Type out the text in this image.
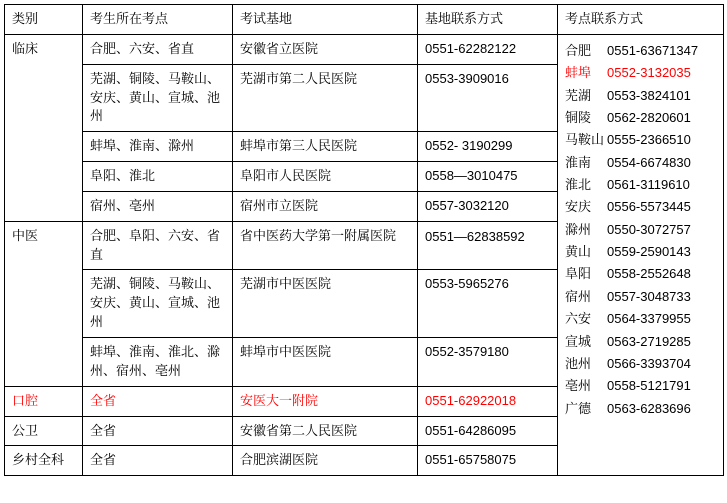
类别	考生所在考点	考试基地	基地联系方式	考点联系方式
临床	合肥、六安、省直	安徽省立医院	0551-62282122	合肥 0551-63671347
蚌埠 0552-3132035
芜湖 0553-3824101
铜陵 0562-2820601
马鞍山 0555-2366510
淮南 0554-6674830
淮北 0561-3119610
安庆 0556-5573445
滁州 0550-3072757
黄山 0559-2590143
阜阳 0558-2552648
宿州 0557-3048733
六安 0564-3379955
宣城 0563-2719285
池州 0566-3393704
亳州 0558-5121791
广德 0563-6283696

	芜湖、铜陵、马鞍山、安庆、黄山、宣城、池州	芜湖市第二人民医院	0553-3909016	
	蚌埠、淮南、滁州	蚌埠市第三人民医院	0552- 3190299	
	阜阳、淮北	阜阳市人民医院	0558—3010475	
	宿州、亳州	宿州市立医院	0557-3032120	
中医	合肥、阜阳、六安、省直	省中医药大学第一附属医院	0551—62838592	
	芜湖、铜陵、马鞍山、安庆、黄山、宣城、池州	芜湖市中医医院	0553-5965276	
	蚌埠、淮南、淮北、滁州、宿州、亳州	蚌埠市中医医院	0552-3579180	
口腔	全省	安医大一附院	0551-62922018	
公卫	全省	安徽省第二人民医院	0551-64286095	
乡村全科	全省	合肥滨湖医院	0551-65758075	
